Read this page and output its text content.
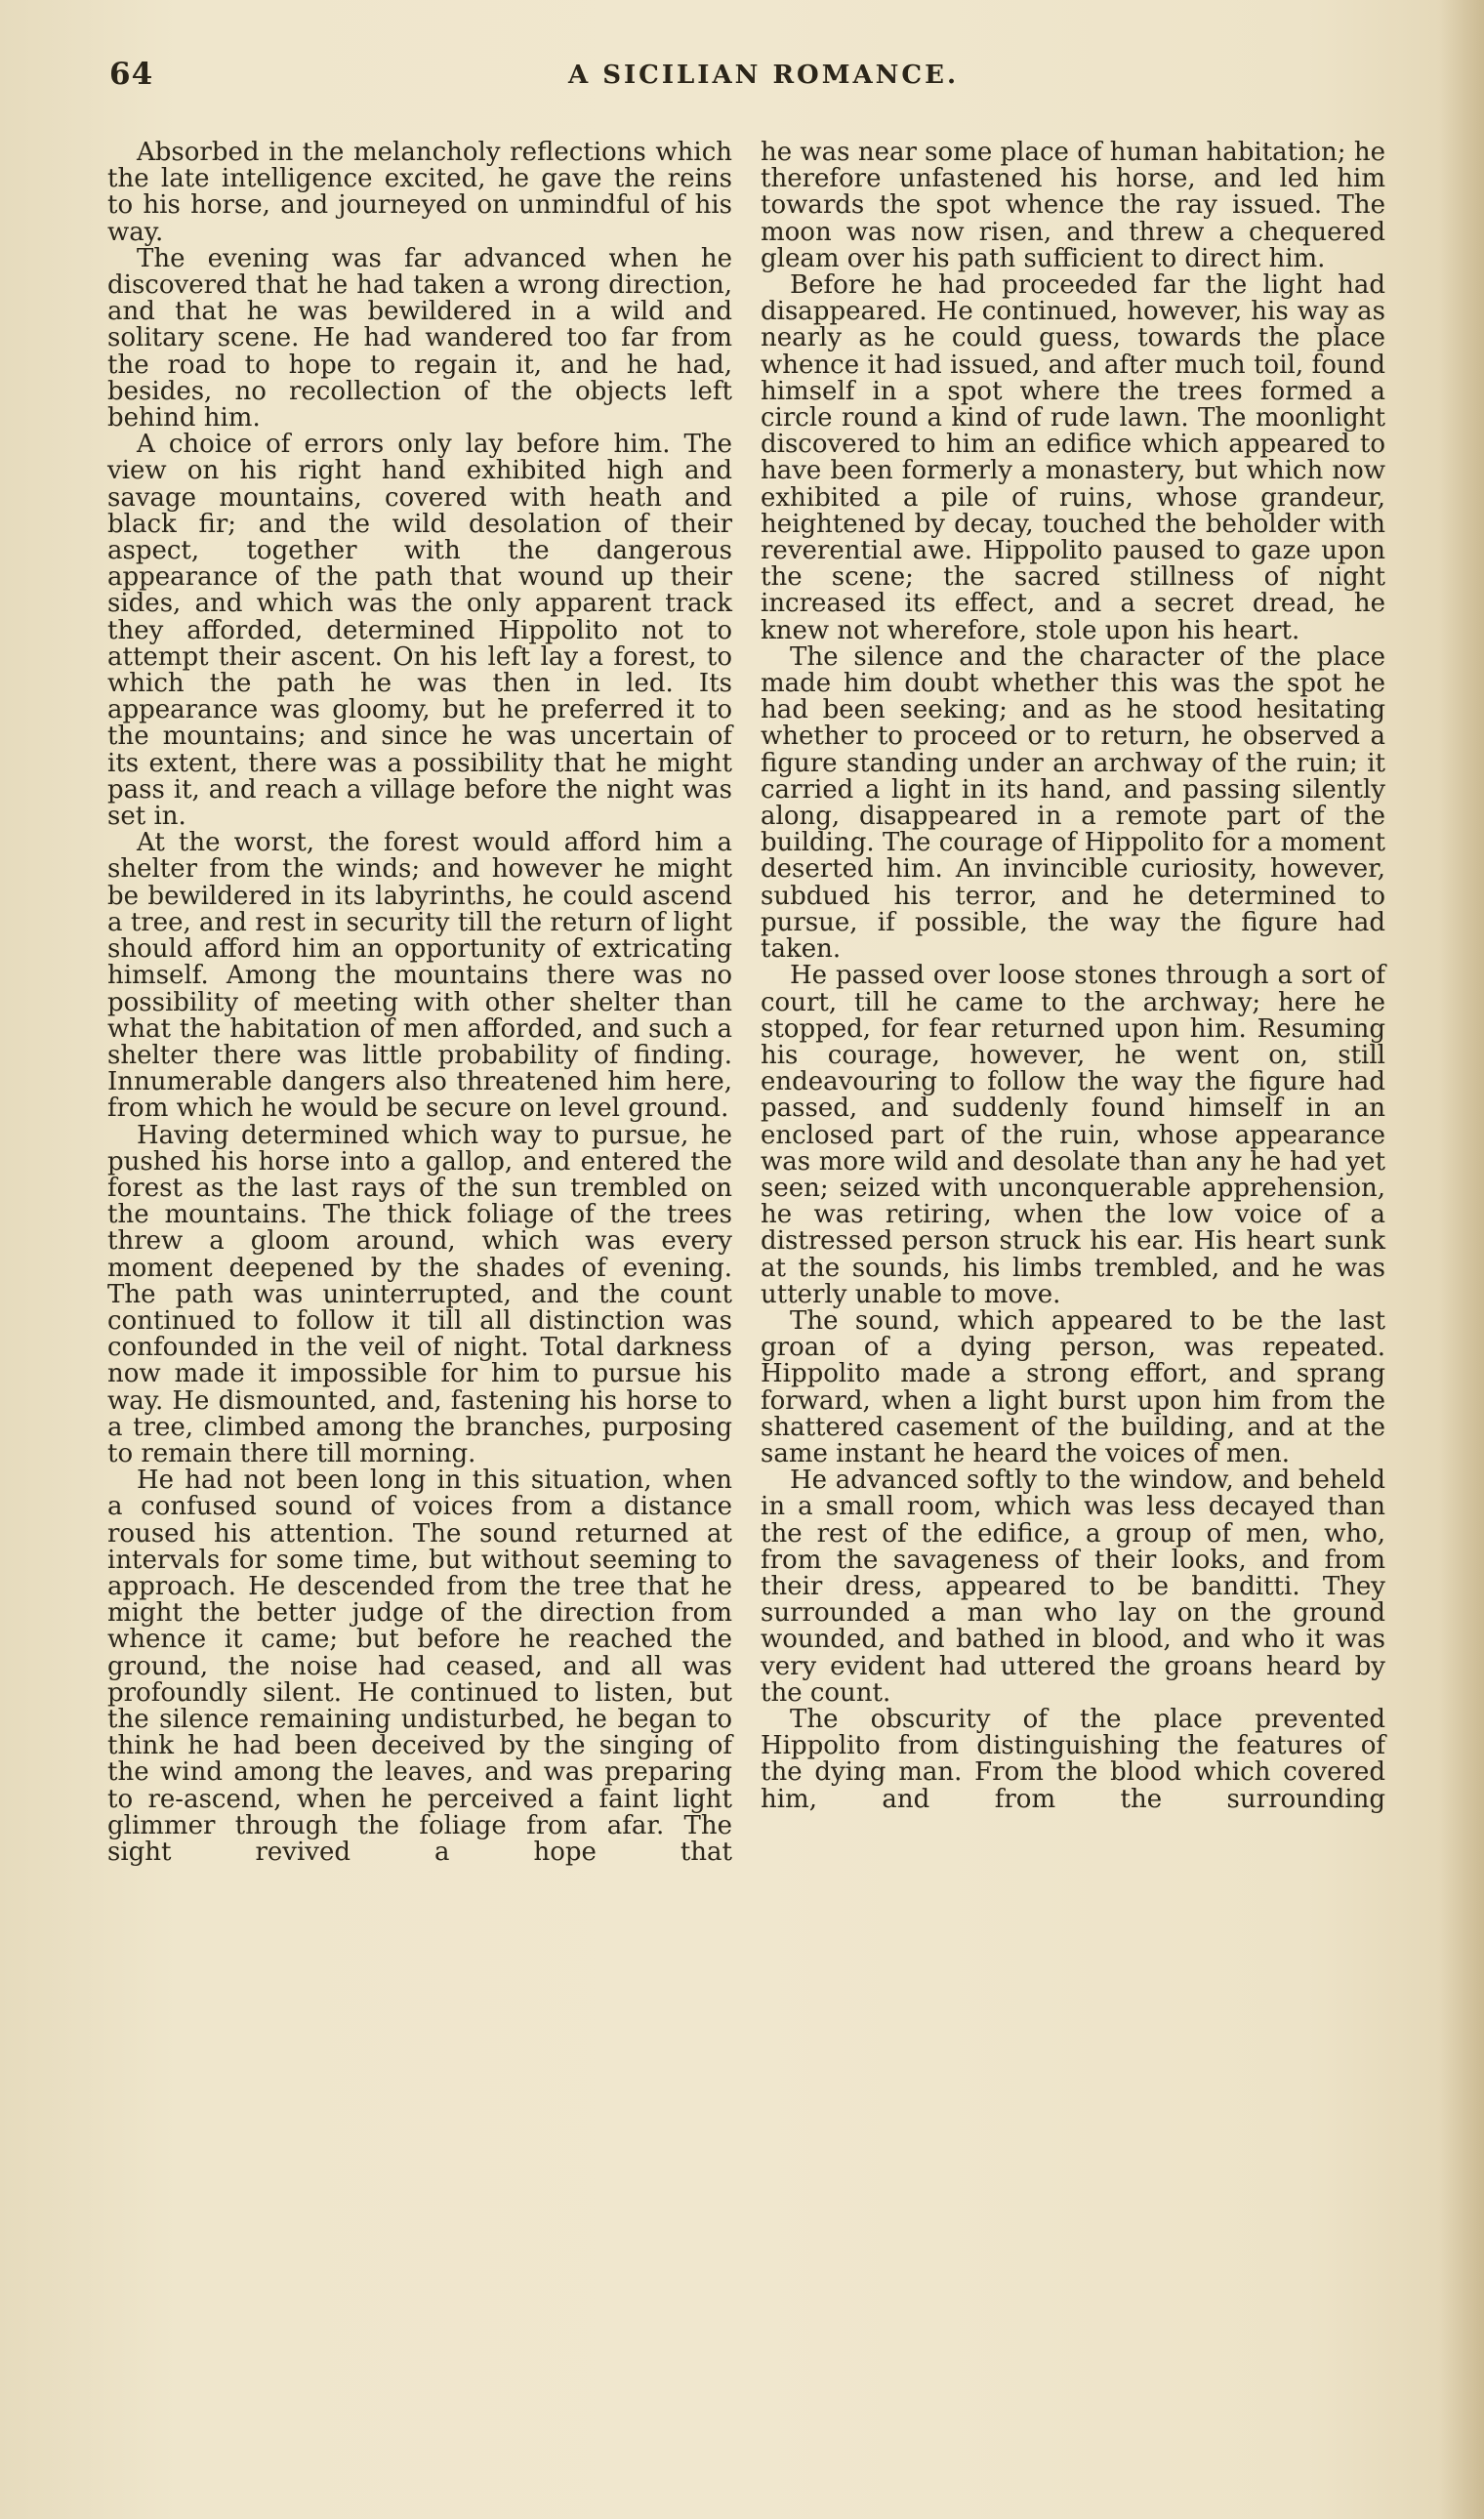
64	A SICILIAN ROMANCE.

Absorbed in the melancholy reflections which the late intelligence excited, he gave the reins to his horse, and journeyed on unmindful of his way.

The evening was far advanced when he discovered that he had taken a wrong direction, and that he was bewildered in a wild and solitary scene. He had wandered too far from the road to hope to regain it, and he had, besides, no recollection of the objects left behind him.

A choice of errors only lay before him. The view on his right hand exhibited high and savage mountains, covered with heath and black fir; and the wild desolation of their aspect, together with the dangerous appearance of the path that wound up their sides, and which was the only apparent track they afforded, determined Hippolito not to attempt their ascent. On his left lay a forest, to which the path he was then in led. Its appearance was gloomy, but he preferred it to the mountains; and since he was uncertain of its extent, there was a possibility that he might pass it, and reach a village before the night was set in.

At the worst, the forest would afford him a shelter from the winds; and however he might be bewildered in its labyrinths, he could ascend a tree, and rest in security till the return of light should afford him an opportunity of extricating himself. Among the mountains there was no possibility of meeting with other shelter than what the habitation of men afforded, and such a shelter there was little probability of finding. Innumerable dangers also threatened him here, from which he would be secure on level ground.

Having determined which way to pursue, he pushed his horse into a gallop, and entered the forest as the last rays of the sun trembled on the mountains. The thick foliage of the trees threw a gloom around, which was every moment deepened by the shades of evening. The path was uninterrupted, and the count continued to follow it till all distinction was confounded in the veil of night. Total darkness now made it impossible for him to pursue his way. He dismounted, and, fastening his horse to a tree, climbed among the branches, purposing to remain there till morning.

He had not been long in this situation, when a confused sound of voices from a distance roused his attention. The sound returned at intervals for some time, but without seeming to approach. He descended from the tree that he might the better judge of the direction from whence it came; but before he reached the ground, the noise had ceased, and all was profoundly silent. He continued to listen, but the silence remaining undisturbed, he began to think he had been deceived by the singing of the wind among the leaves, and was preparing to re-ascend, when he perceived a faint light glimmer through the foliage from afar. The sight revived a hope that

he was near some place of human habitation; he therefore unfastened his horse, and led him towards the spot whence the ray issued. The moon was now risen, and threw a chequered gleam over his path sufficient to direct him.

Before he had proceeded far the light had disappeared. He continued, however, his way as nearly as he could guess, towards the place whence it had issued, and after much toil, found himself in a spot where the trees formed a circle round a kind of rude lawn. The moonlight discovered to him an edifice which appeared to have been formerly a monastery, but which now exhibited a pile of ruins, whose grandeur, heightened by decay, touched the beholder with reverential awe. Hippolito paused to gaze upon the scene; the sacred stillness of night increased its effect, and a secret dread, he knew not wherefore, stole upon his heart.

The silence and the character of the place made him doubt whether this was the spot he had been seeking; and as he stood hesitating whether to proceed or to return, he observed a figure standing under an archway of the ruin; it carried a light in its hand, and passing silently along, disappeared in a remote part of the building. The courage of Hippolito for a moment deserted him. An invincible curiosity, however, subdued his terror, and he determined to pursue, if possible, the way the figure had taken.

He passed over loose stones through a sort of court, till he came to the archway; here he stopped, for fear returned upon him. Resuming his courage, however, he went on, still endeavouring to follow the way the figure had passed, and suddenly found himself in an enclosed part of the ruin, whose appearance was more wild and desolate than any he had yet seen; seized with unconquerable apprehension, he was retiring, when the low voice of a distressed person struck his ear. His heart sunk at the sounds, his limbs trembled, and he was utterly unable to move.

The sound, which appeared to be the last groan of a dying person, was repeated. Hippolito made a strong effort, and sprang forward, when a light burst upon him from the shattered casement of the building, and at the same instant he heard the voices of men.

He advanced softly to the window, and beheld in a small room, which was less decayed than the rest of the edifice, a group of men, who, from the savageness of their looks, and from their dress, appeared to be banditti. They surrounded a man who lay on the ground wounded, and bathed in blood, and who it was very evident had uttered the groans heard by the count.

The obscurity of the place prevented Hippolito from distinguishing the features of the dying man. From the blood which covered him, and from the surrounding
